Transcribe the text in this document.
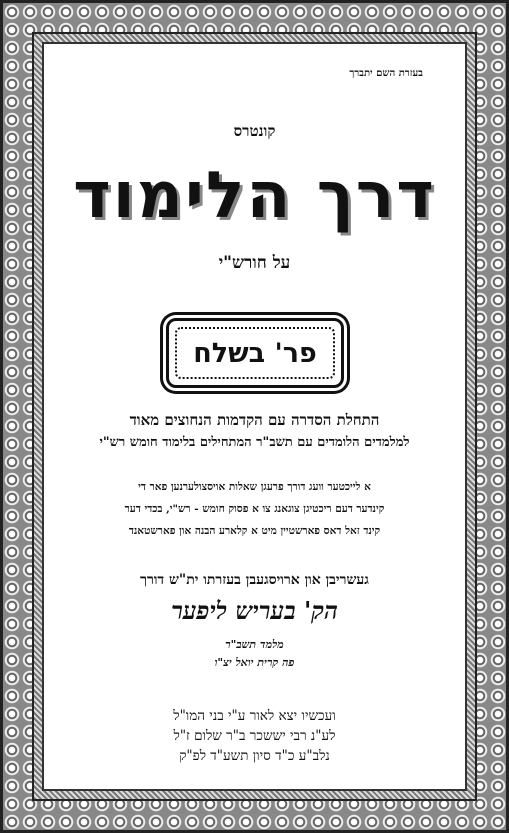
בעזרת השם יתברך
קונטרס
דרך הלימוד
על חורש"י
פר' בשלח
התחלת הסדרה עם הקדמות הנחוצים מאוד
למלמדים הלומדים עם תשב"ר המתחילים בלימוד חומש רש"י
א לייכטער וועג דורך פרעגן שאלות אויסצולערנען פאר די
קינדער דעם ריכטיגן צוגאנג צו א פסוק חומש - רש"י, בכדי דער
קינד זאל דאס פארשטיין מיט א קלארע הבנה און פארשטאנד
געשריבן און ארויסגעבן בעזרתו ית"ש דורך
הק' בעריש ליפער
מלמד תשב"ר
פה קרית יואל יצ"ו
ועכשיו יצא לאור ע"י בני המו"ל
לע"נ רבי יששכר ב"ר שלום ז"ל
נלב"ע כ"ד סיון תשע"ד לפ"ק
